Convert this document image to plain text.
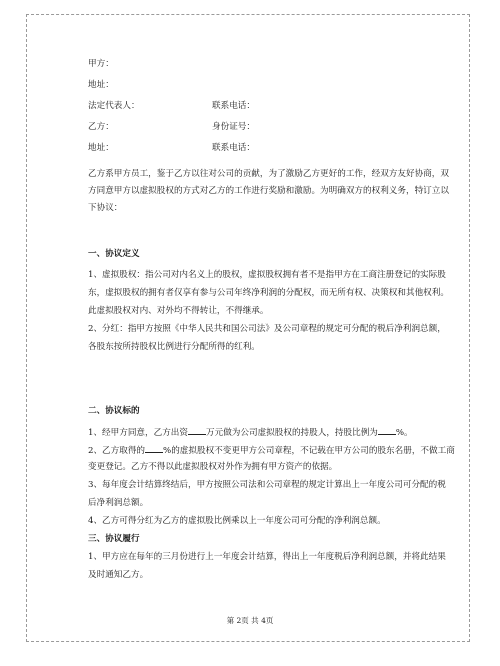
甲方：
地址：
法定代表人：	联系电话：
乙方：	身份证号：
地址：	联系电话：
乙方系甲方员工，鉴于乙方以往对公司的贡献，为了激励乙方更好的工作，经双方友好协商，双
方同意甲方以虚拟股权的方式对乙方的工作进行奖励和激励。为明确双方的权利义务，特订立以
下协议：
一、协议定义
1、虚拟股权：指公司对内名义上的股权，虚拟股权拥有者不是指甲方在工商注册登记的实际股
东，虚拟股权的拥有者仅享有参与公司年终净利润的分配权，而无所有权、决策权和其他权利。
此虚拟股权对内、对外均不得转让，不得继承。
2、分红：指甲方按照《中华人民共和国公司法》及公司章程的规定可分配的税后净利润总额，
各股东按所持股权比例进行分配所得的红利。
二、协议标的
1、经甲方同意，乙方出资 万元做为公司虚拟股权的持股人，持股比例为 %。
2、乙方取得的 %的虚拟股权不变更甲方公司章程，不记载在甲方公司的股东名册，不做工商
变更登记。乙方不得以此虚拟股权对外作为拥有甲方资产的依据。
3、每年度会计结算终结后，甲方按照公司法和公司章程的规定计算出上一年度公司可分配的税
后净利润总额。
4、乙方可得分红为乙方的虚拟股比例乘以上一年度公司可分配的净利润总额。
三、协议履行
1、甲方应在每年的三月份进行上一年度会计结算，得出上一年度税后净利润总额，并将此结果
及时通知乙方。
第 2页 共 4页
